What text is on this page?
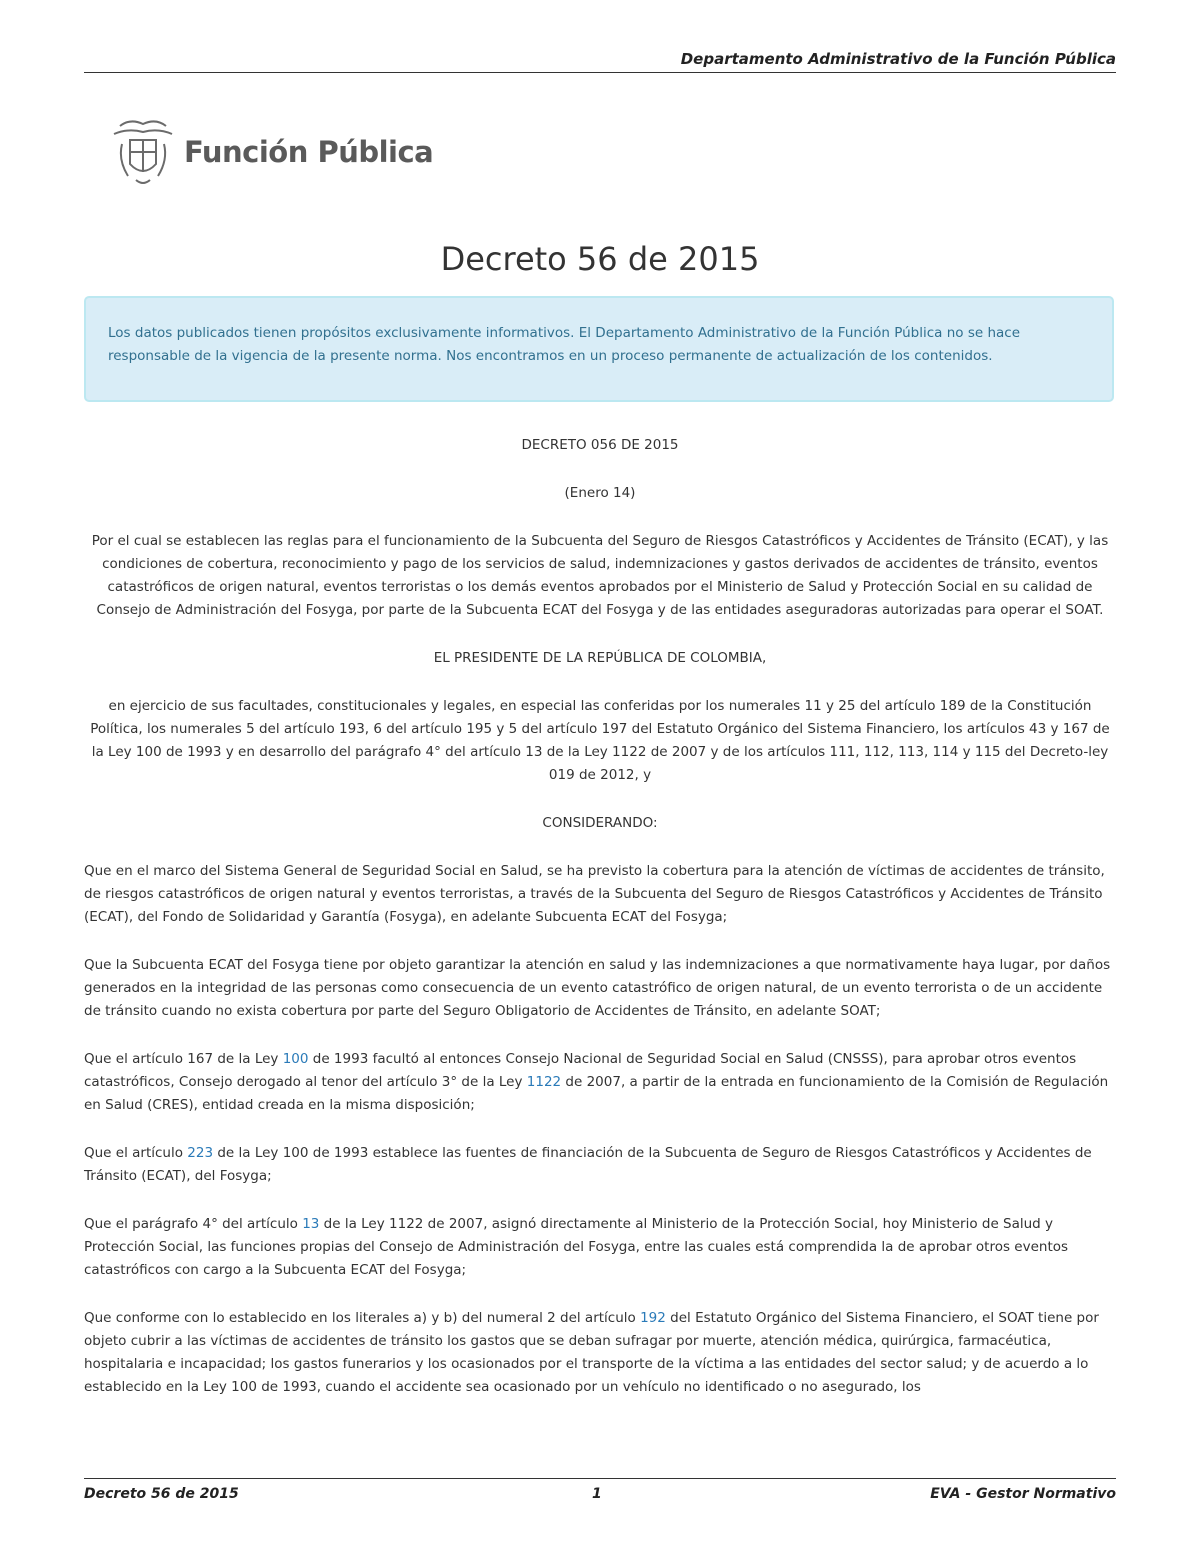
Departamento Administrativo de la Función Pública
Función Pública
Decreto 56 de 2015
Los datos publicados tienen propósitos exclusivamente informativos. El Departamento Administrativo de la Función Pública no se hace responsable de la vigencia de la presente norma. Nos encontramos en un proceso permanente de actualización de los contenidos.

DECRETO 056 DE 2015

(Enero 14)

Por el cual se establecen las reglas para el funcionamiento de la Subcuenta del Seguro de Riesgos Catastróficos y Accidentes de Tránsito (ECAT), y las condiciones de cobertura, reconocimiento y pago de los servicios de salud, indemnizaciones y gastos derivados de accidentes de tránsito, eventos catastróficos de origen natural, eventos terroristas o los demás eventos aprobados por el Ministerio de Salud y Protección Social en su calidad de Consejo de Administración del Fosyga, por parte de la Subcuenta ECAT del Fosyga y de las entidades aseguradoras autorizadas para operar el SOAT.

EL PRESIDENTE DE LA REPÚBLICA DE COLOMBIA,

en ejercicio de sus facultades, constitucionales y legales, en especial las conferidas por los numerales 11 y 25 del artículo 189 de la Constitución Política, los numerales 5 del artículo 193, 6 del artículo 195 y 5 del artículo 197 del Estatuto Orgánico del Sistema Financiero, los artículos 43 y 167 de la Ley 100 de 1993 y en desarrollo del parágrafo 4° del artículo 13 de la Ley 1122 de 2007 y de los artículos 111, 112, 113, 114 y 115 del Decreto-ley 019 de 2012, y

CONSIDERANDO:

Que en el marco del Sistema General de Seguridad Social en Salud, se ha previsto la cobertura para la atención de víctimas de accidentes de tránsito, de riesgos catastróficos de origen natural y eventos terroristas, a través de la Subcuenta del Seguro de Riesgos Catastróficos y Accidentes de Tránsito (ECAT), del Fondo de Solidaridad y Garantía (Fosyga), en adelante Subcuenta ECAT del Fosyga;

Que la Subcuenta ECAT del Fosyga tiene por objeto garantizar la atención en salud y las indemnizaciones a que normativamente haya lugar, por daños generados en la integridad de las personas como consecuencia de un evento catastrófico de origen natural, de un evento terrorista o de un accidente de tránsito cuando no exista cobertura por parte del Seguro Obligatorio de Accidentes de Tránsito, en adelante SOAT;

Que el artículo 167 de la Ley 100 de 1993 facultó al entonces Consejo Nacional de Seguridad Social en Salud (CNSSS), para aprobar otros eventos catastróficos, Consejo derogado al tenor del artículo 3° de la Ley 1122 de 2007, a partir de la entrada en funcionamiento de la Comisión de Regulación en Salud (CRES), entidad creada en la misma disposición;

Que el artículo 223 de la Ley 100 de 1993 establece las fuentes de financiación de la Subcuenta de Seguro de Riesgos Catastróficos y Accidentes de Tránsito (ECAT), del Fosyga;

Que el parágrafo 4° del artículo 13 de la Ley 1122 de 2007, asignó directamente al Ministerio de la Protección Social, hoy Ministerio de Salud y Protección Social, las funciones propias del Consejo de Administración del Fosyga, entre las cuales está comprendida la de aprobar otros eventos catastróficos con cargo a la Subcuenta ECAT del Fosyga;

Que conforme con lo establecido en los literales a) y b) del numeral 2 del artículo 192 del Estatuto Orgánico del Sistema Financiero, el SOAT tiene por objeto cubrir a las víctimas de accidentes de tránsito los gastos que se deban sufragar por muerte, atención médica, quirúrgica, farmacéutica, hospitalaria e incapacidad; los gastos funerarios y los ocasionados por el transporte de la víctima a las entidades del sector salud; y de acuerdo a lo establecido en la Ley 100 de 1993, cuando el accidente sea ocasionado por un vehículo no identificado o no asegurado, los

Decreto 56 de 2015	1	EVA - Gestor Normativo
